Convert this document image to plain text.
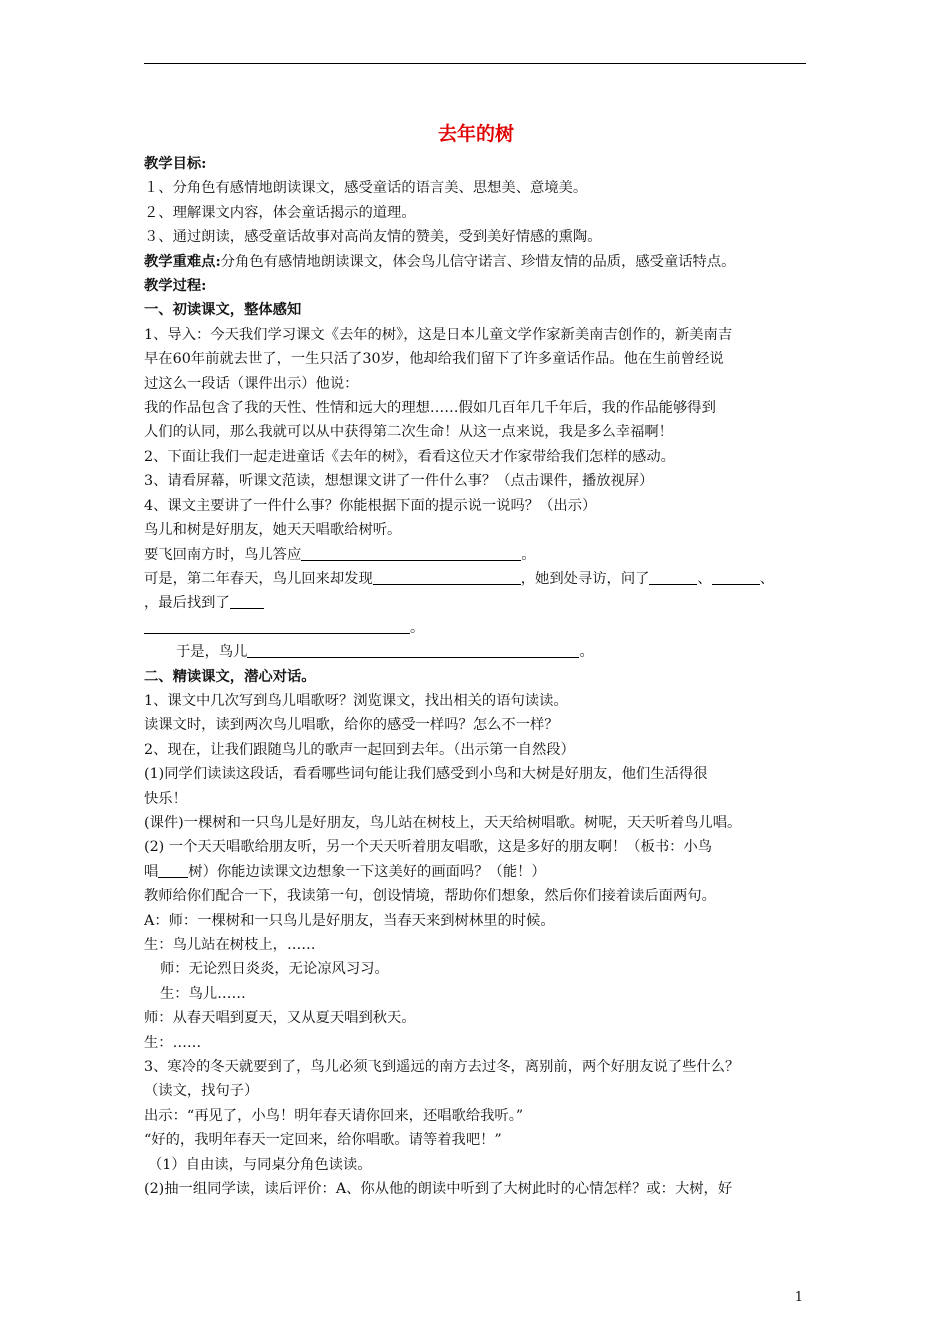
去年的树
教学目标:
１、分角色有感情地朗读课文，感受童话的语言美、思想美、意境美。
２、理解课文内容，体会童话揭示的道理。
３、通过朗读，感受童话故事对高尚友情的赞美，受到美好情感的熏陶。
教学重难点:分角色有感情地朗读课文，体会鸟儿信守诺言、珍惜友情的品质，感受童话特点。
教学过程:
一、初读课文，整体感知
1、导入：今天我们学习课文《去年的树》，这是日本儿童文学作家新美南吉创作的，新美南吉
早在60年前就去世了，一生只活了30岁，他却给我们留下了许多童话作品。他在生前曾经说
过这么一段话（课件出示）他说：
我的作品包含了我的天性、性情和远大的理想……假如几百年几千年后，我的作品能够得到
人们的认同，那么我就可以从中获得第二次生命！从这一点来说，我是多么幸福啊！
2、下面让我们一起走进童话《去年的树》，看看这位天才作家带给我们怎样的感动。
3、请看屏幕，听课文范读，想想课文讲了一件什么事？（点击课件，播放视屏）
4、课文主要讲了一件什么事？你能根据下面的提示说一说吗？（出示）
鸟儿和树是好朋友，她天天唱歌给树听。
要飞回南方时，鸟儿答应	。
可是，第二年春天，鸟儿回来却发现	，她到处寻访，问了	、	、
，最后找到了
。
于是，鸟儿	。
二、精读课文，潜心对话。
1、课文中几次写到鸟儿唱歌呀？浏览课文，找出相关的语句读读。
读课文时，读到两次鸟儿唱歌，给你的感受一样吗？怎么不一样？
2、现在，让我们跟随鸟儿的歌声一起回到去年。（出示第一自然段）
(1)同学们读读这段话，看看哪些词句能让我们感受到小鸟和大树是好朋友，他们生活得很
快乐！
(课件)一棵树和一只鸟儿是好朋友，鸟儿站在树枝上，天天给树唱歌。树呢，天天听着鸟儿唱。
(2) 一个天天唱歌给朋友听，另一个天天听着朋友唱歌，这是多好的朋友啊！（板书：小鸟
唱 树）你能边读课文边想象一下这美好的画面吗？（能！）
教师给你们配合一下，我读第一句，创设情境，帮助你们想象，然后你们接着读后面两句。
A：师：一棵树和一只鸟儿是好朋友，当春天来到树林里的时候。
生：鸟儿站在树枝上，……
师：无论烈日炎炎，无论凉风习习。
生：鸟儿……
师：从春天唱到夏天，又从夏天唱到秋天。
生：……
3、寒冷的冬天就要到了，鸟儿必须飞到遥远的南方去过冬，离别前，两个好朋友说了些什么？
（读文，找句子）
出示：“再见了，小鸟！明年春天请你回来，还唱歌给我听。”
“好的，我明年春天一定回来，给你唱歌。请等着我吧！”
（1）自由读，与同桌分角色读读。
(2)抽一组同学读，读后评价：A、你从他的朗读中听到了大树此时的心情怎样？或：大树，好
1
